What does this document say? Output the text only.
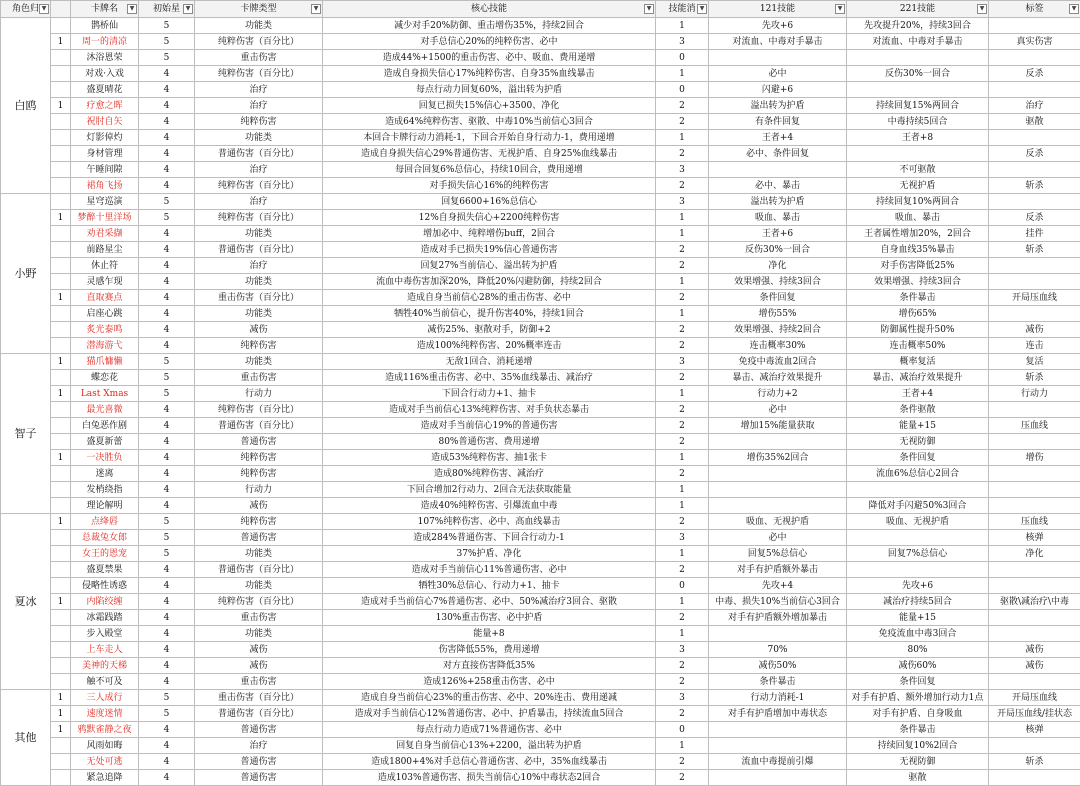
角色归 ▼		卡牌名 ▼	初始星 ▼	卡牌类型 ▼	核心技能 ▼	技能消 ▼	121技能 ▼	221技能 ▼	标签 ▼

白鸥		鹊桥仙	5	功能类	减少对手20%防御、重击增伤35%，持续2回合	1	先攻+6	先攻提升20%，持续3回合	
	1	周一的清凉	5	纯粹伤害（百分比）	对手总信心20%的纯粹伤害、必中	3	对流血、中毒对手暴击	对流血、中毒对手暴击	真实伤害
		沐浴恩荣	5	重击伤害	造成44%+1500的重击伤害、必中、吸血、费用递增	0			
		对戏·入戏	4	纯粹伤害（百分比）	造成自身损失信心17%纯粹伤害、自身35%血线暴击	1	必中	反伤30%一回合	反杀
		盛夏晴花	4	治疗	每点行动力回复60%，溢出转为护盾	0	闪避+6		
	1	疗愈之晖	4	治疗	回复已损失15%信心+3500、净化	2	溢出转为护盾	持续回复15%两回合	治疗
		祝肘自矢	4	纯粹伤害	造成64%纯粹伤害、驱散、中毒10%当前信心3回合	2	有条件回复	中毒持续5回合	驱散
		灯影倬灼	4	功能类	本回合卡牌行动力消耗-1，下回合开始自身行动力-1，费用递增	1	王者+4	王者+8	
		身材管理	4	普通伤害（百分比）	造成自身损失信心29%普通伤害、无视护盾、自身25%血线暴击	2	必中、条件回复		反杀
		午睡间隙	4	治疗	每回合回复6%总信心，持续10回合，费用递增	3		不可驱散	
		裙角飞扬	4	纯粹伤害（百分比）	对手损失信心16%的纯粹伤害	2	必中、暴击	无视护盾	斩杀
小野		星穹巡演	5	治疗	回复6600+16%总信心	3	溢出转为护盾	持续回复10%两回合	
	1	梦醉十里洋场	5	纯粹伤害（百分比）	12%自身损失信心+2200纯粹伤害	1	吸血、暴击	吸血、暴击	反杀
		劝君采撷	4	功能类	增加必中、纯粹增伤buff，2回合	1	王者+6	王者属性增加20%，2回合	挂件
		前路星尘	4	普通伤害（百分比）	造成对手已损失19%信心普通伤害	2	反伤30%一回合	自身血线35%暴击	斩杀
		休止符	4	治疗	回复27%当前信心、溢出转为护盾	2	净化	对手伤害降低25%	
		灵感乍现	4	功能类	流血中毒伤害加深20%，降低20%闪避防御，持续2回合	1	效果增强、持续3回合	效果增强、持续3回合	
	1	直取赛点	4	重击伤害（百分比）	造成自身当前信心28%的重击伤害、必中	2	条件回复	条件暴击	开局压血线
		启座心跳	4	功能类	牺牲40%当前信心，提升伤害40%，持续1回合	1	增伤55%	增伤65%	
		炙光泰鸣	4	减伤	减伤25%、驱散对手，防御+2	2	效果增强、持续2回合	防御属性提升50%	减伤
		潜海游弋	4	纯粹伤害	造成100%纯粹伤害、20%概率连击	2	连击概率30%	连击概率50%	连击
智子	1	猫爪慵懒	5	功能类	无敌1回合、消耗递增	3	免疫中毒流血2回合	概率复活	复活
		蝶恋花	5	重击伤害	造成116%重击伤害、必中、35%血线暴击、减治疗	2	暴击、减治疗效果提升	暴击、减治疗效果提升	斩杀
	1	Last Xmas	5	行动力	下回合行动力+1、抽卡	1	行动力+2	王者+4	行动力
		最光喜微	4	纯粹伤害（百分比）	造成对手当前信心13%纯粹伤害、对手负状态暴击	2	必中	条件驱散	
		白兔恶作剧	4	普通伤害（百分比）	造成对手当前信心19%的普通伤害	2	增加15%能量获取	能量+15	压血线
		盛夏新蕾	4	普通伤害	80%普通伤害、费用递增	2		无视防御	
	1	一决胜负	4	纯粹伤害	造成53%纯粹伤害、抽1张卡	1	增伤35%2回合	条件回复	增伤
		迷离	4	纯粹伤害	造成80%纯粹伤害、减治疗	2		流血6%总信心2回合	
		发梢绕指	4	行动力	下回合增加2行动力、2回合无法获取能量	1			
		理论解明	4	减伤	造成40%纯粹伤害、引爆流血中毒	1		降低对手闪避50%3回合	
夏冰	1	点绛唇	5	纯粹伤害	107%纯粹伤害、必中、高血线暴击	2	吸血、无视护盾	吸血、无视护盾	压血线
		总裁兔女郎	5	普通伤害	造成284%普通伤害、下回合行动力-1	3	必中		核弹
		女王的恩宠	5	功能类	37%护盾、净化	1	回复5%总信心	回复7%总信心	净化
		盛夏禁果	4	普通伤害（百分比）	造成对手当前信心11%普通伤害、必中	2	对手有护盾额外暴击		
		侵略性诱惑	4	功能类	牺牲30%总信心、行动力+1、抽卡	0	先攻+4	先攻+6	
	1	内陷绞缠	4	纯粹伤害（百分比）	造成对手当前信心7%普通伤害、必中、50%减治疗3回合、驱散	1	中毒、损失10%当前信心3回合	减治疗持续5回合	驱散\减治疗\中毒
		冰霜践踏	4	重击伤害	130%重击伤害、必中护盾	2	对手有护盾额外增加暴击	能量+15	
		步入殿堂	4	功能类	能量+8	1		免疫流血中毒3回合	
		上车走人	4	减伤	伤害降低55%，费用递增	3	70%	80%	减伤
		美神的天梯	4	减伤	对方直接伤害降低35%	2	减伤50%	减伤60%	减伤
		触不可及	4	重击伤害	造成126%+258重击伤害、必中	2	条件暴击	条件回复	
其他	1	三人成行	5	重击伤害（百分比）	造成自身当前信心23%的重击伤害、必中、20%连击、费用递减	3	行动力消耗-1	对手有护盾、额外增加行动力1点	开局压血线
	1	速度迷情	5	普通伤害（百分比）	造成对手当前信心12%普通伤害、必中、护盾暴击，持续流血5回合	2	对手有护盾增加中毒状态	对手有护盾、自身吸血	开局压血线/挂状态
	1	鸦默雀静之夜	4	普通伤害	每点行动力造成71%普通伤害、必中	0		条件暴击	核弹
		风雨如晦	4	治疗	回复自身当前信心13%+2200，溢出转为护盾	1		持续回复10%2回合	
		无处可逃	4	普通伤害	造成1800+4%对手总信心普通伤害、必中，35%血线暴击	2	流血中毒提前引爆	无视防御	斩杀
		紧急追降	4	普通伤害	造成103%普通伤害、损失当前信心10%中毒状态2回合	2		驱散	
